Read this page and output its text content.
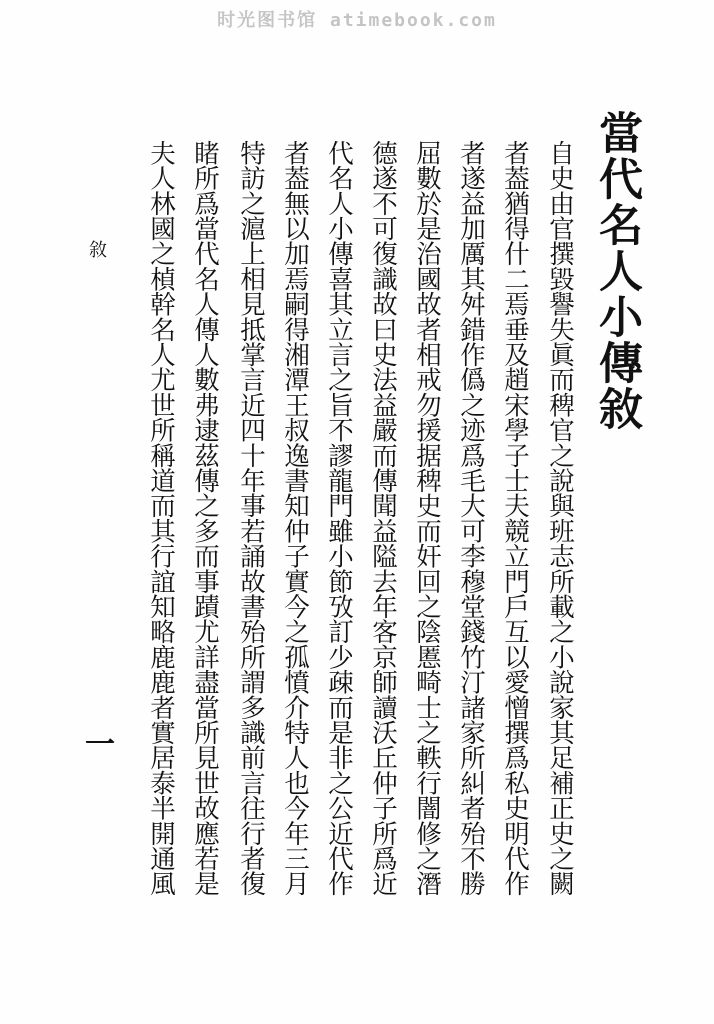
时光图书馆 atimebook.com
當代名人小傳敘
自史由官撰毀譽失眞而稗官之說與班志所載之小說家其足補正史之闕
者葢猶得什二焉垂及趙宋學子士夫競立門戶互以愛憎撰爲私史明代作
者遂益加厲其舛錯作僞之迹爲毛大可李穆堂錢竹汀諸家所糾者殆不勝
屈數於是治國故者相戒勿援据稗史而奸回之陰慝畸士之軼行闇修之潛
德遂不可復識故曰史法益嚴而傳聞益隘去年客京師讀沃丘仲子所爲近
代名人小傳喜其立言之旨不謬龍門雖小節攷訂少疎而是非之公近代作
者葢無以加焉嗣得湘潭王叔逸書知仲子實今之孤憤介特人也今年三月
特訪之滬上相見抵掌言近四十年事若誦故書殆所謂多識前言往行者復
睹所爲當代名人傳人數弗逮茲傳之多而事蹟尤詳盡當所見世故應若是
夫人林國之楨幹名人尤世所稱道而其行誼知略鹿鹿者實居泰半開通風
敘
一
